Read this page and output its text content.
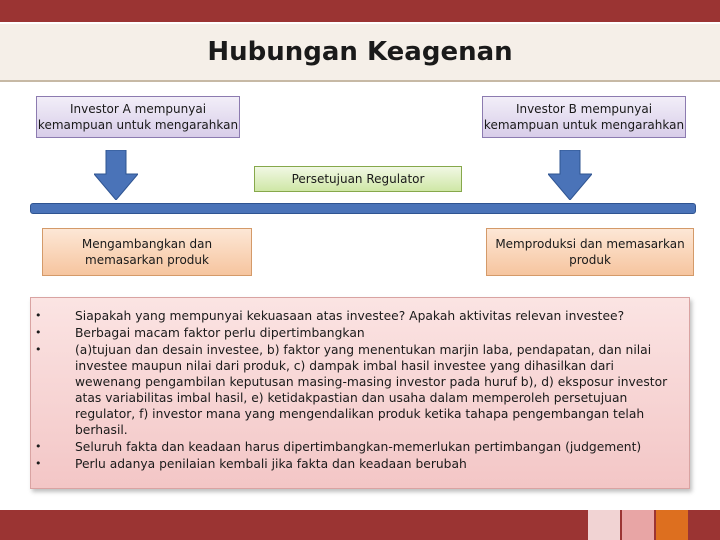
Hubungan Keagenan
Investor A mempunyai kemampuan untuk mengarahkan
Investor B mempunyai kemampuan untuk mengarahkan
Persetujuan Regulator
Mengambangkan dan memasarkan produk
Memproduksi dan memasarkan produk
•	Siapakah yang mempunyai kekuasaan atas investee? Apakah aktivitas relevan investee?
•	Berbagai macam faktor perlu dipertimbangkan
•	(a)tujuan dan desain investee, b) faktor yang menentukan marjin laba, pendapatan, dan nilai investee maupun nilai dari produk, c) dampak imbal hasil investee yang dihasilkan dari wewenang pengambilan keputusan masing-masing investor pada huruf b), d) eksposur investor atas variabilitas imbal hasil, e) ketidakpastian dan usaha dalam memperoleh persetujuan regulator, f) investor mana yang mengendalikan produk ketika tahapa pengembangan telah berhasil.
•	Seluruh fakta dan keadaan harus dipertimbangkan-memerlukan pertimbangan (judgement)
•	Perlu adanya penilaian kembali jika fakta dan keadaan berubah
